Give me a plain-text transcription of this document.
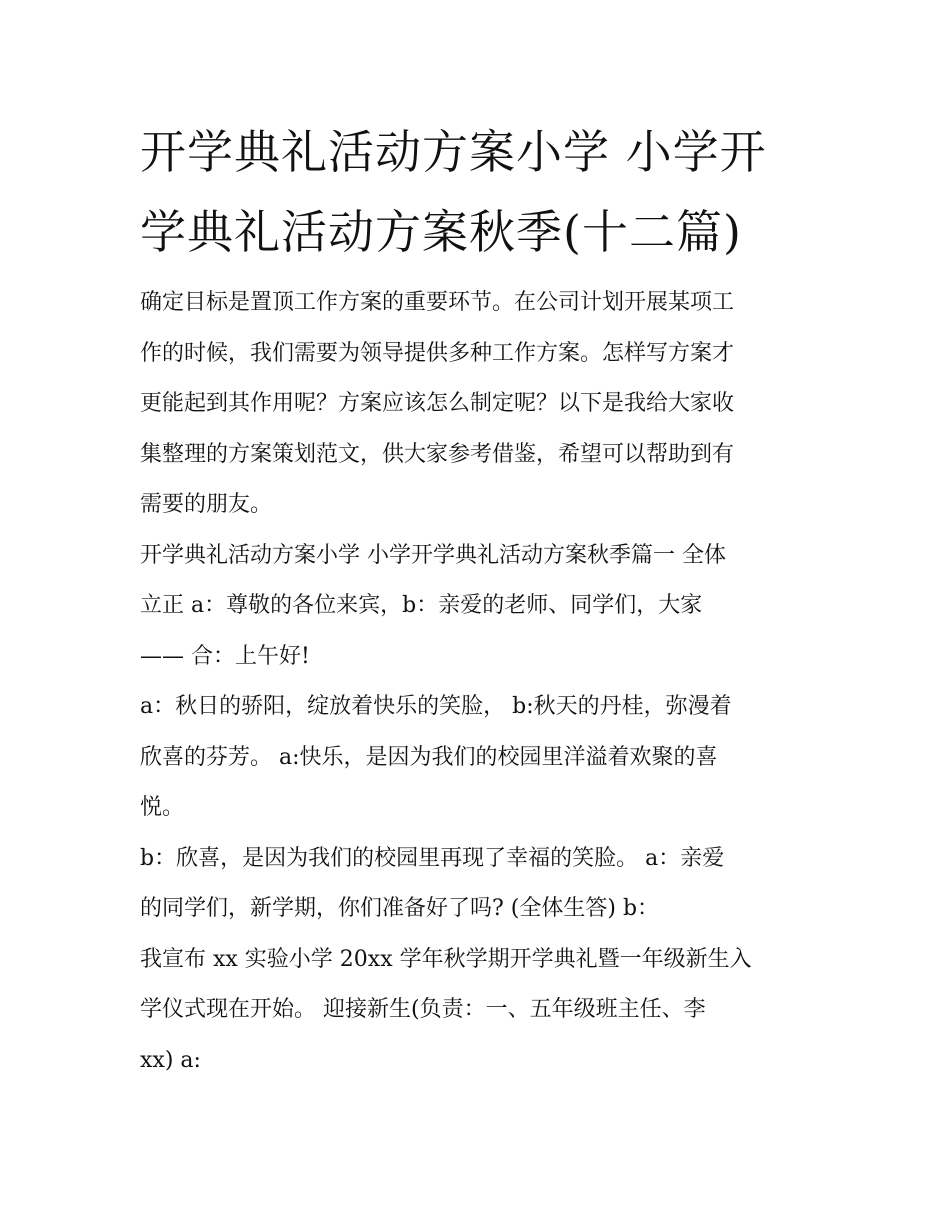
开学典礼活动方案小学 小学开
学典礼活动方案秋季(十二篇)

确定目标是置顶工作方案的重要环节。在公司计划开展某项工
作的时候，我们需要为领导提供多种工作方案。怎样写方案才
更能起到其作用呢？方案应该怎么制定呢？以下是我给大家收
集整理的方案策划范文，供大家参考借鉴，希望可以帮助到有
需要的朋友。

开学典礼活动方案小学 小学开学典礼活动方案秋季篇一 全体
立正 a：尊敬的各位来宾，b：亲爱的老师、同学们，大家
—— 合：上午好!

a：秋日的骄阳，绽放着快乐的笑脸， b:秋天的丹桂，弥漫着
欣喜的芬芳。 a:快乐，是因为我们的校园里洋溢着欢聚的喜
悦。

b：欣喜，是因为我们的校园里再现了幸福的笑脸。 a：亲爱
的同学们，新学期，你们准备好了吗? (全体生答) b：

我宣布 xx 实验小学 20xx 学年秋学期开学典礼暨一年级新生入
学仪式现在开始。 迎接新生(负责：一、五年级班主任、李
xx) a:
